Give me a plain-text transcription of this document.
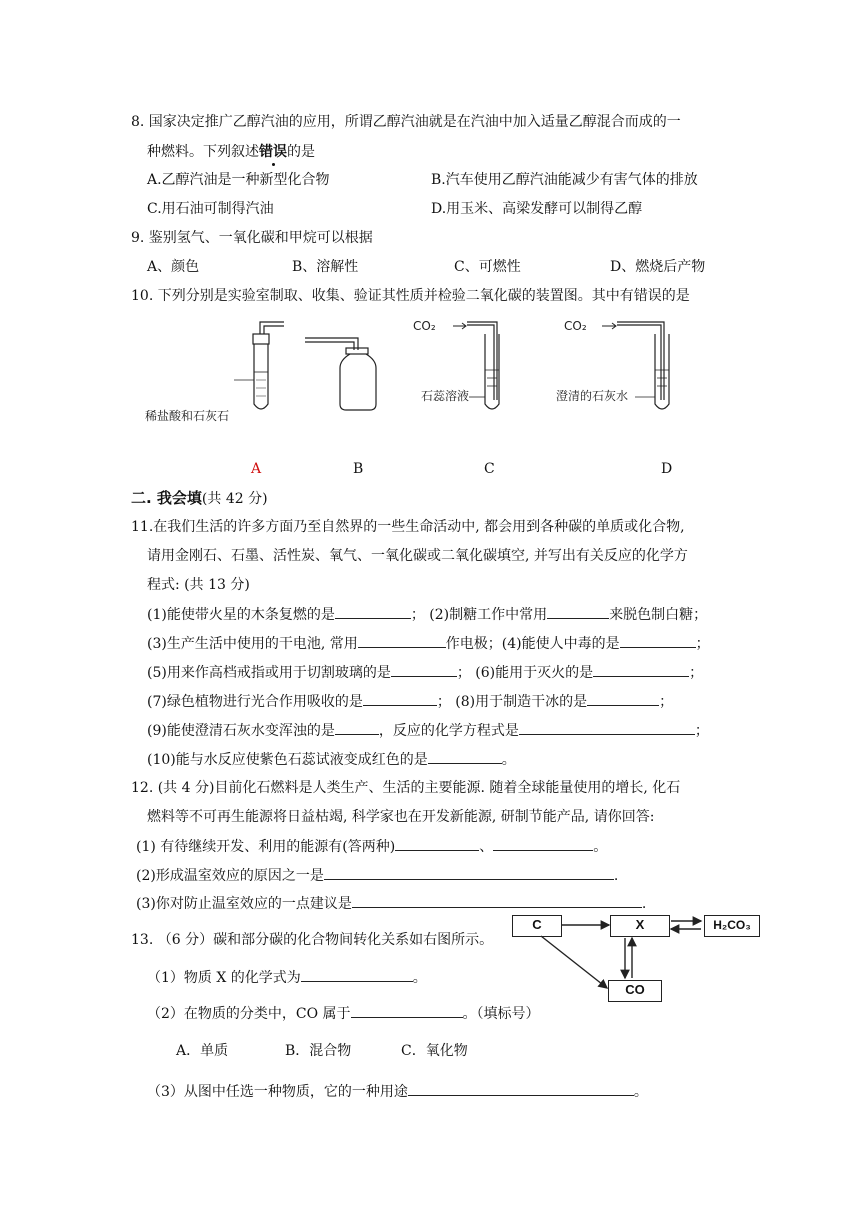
8. 国家决定推广乙醇汽油的应用，所谓乙醇汽油就是在汽油中加入适量乙醇混合而成的一
种燃料。下列叙述错误的是
A.乙醇汽油是一种新型化合物	B.汽车使用乙醇汽油能减少有害气体的排放
C.用石油可制得汽油	D.用玉米、高梁发酵可以制得乙醇
9. 鉴别氢气、一氧化碳和甲烷可以根据
A、颜色	B、溶解性	C、可燃性	D、燃烧后产物
10. 下列分别是实验室制取、收集、验证其性质并检验二氧化碳的装置图。其中有错误的是
稀盐酸和石灰石
CO₂
石蕊溶液
CO₂
澄清的石灰水
A	B	C	D
二. 我会填(共 42 分)
11.在我们生活的许多方面乃至自然界的一些生命活动中, 都会用到各种碳的单质或化合物,
请用金刚石、石墨、活性炭、氧气、一氧化碳或二氧化碳填空, 并写出有关反应的化学方
程式: (共 13 分)
(1)能使带火星的木条复燃的是	； (2)制糖工作中常用	来脱色制白糖；
(3)生产生活中使用的干电池, 常用	作电极；(4)能使人中毒的是	；
(5)用来作高档戒指或用于切割玻璃的是	； (6)能用于灭火的是	；
(7)绿色植物进行光合作用吸收的是	； (8)用于制造干冰的是	；
(9)能使澄清石灰水变浑浊的是	，反应的化学方程式是	；
(10)能与水反应使紫色石蕊试液变成红色的是	。
12. (共 4 分)目前化石燃料是人类生产、生活的主要能源. 随着全球能量使用的增长, 化石
燃料等不可再生能源将日益枯竭, 科学家也在开发新能源, 研制节能产品, 请你回答:
(1) 有待继续开发、利用的能源有(答两种)	、	。
(2)形成温室效应的原因之一是	.
(3)你对防止温室效应的一点建议是	.
13. （6 分）碳和部分碳的化合物间转化关系如右图所示。
C	X	H₂CO₃
CO
（1）物质 X 的化学式为	。
（2）在物质的分类中，CO 属于	。（填标号）
A．单质	B．混合物	C．氧化物
（3）从图中任选一种物质，它的一种用途	。
